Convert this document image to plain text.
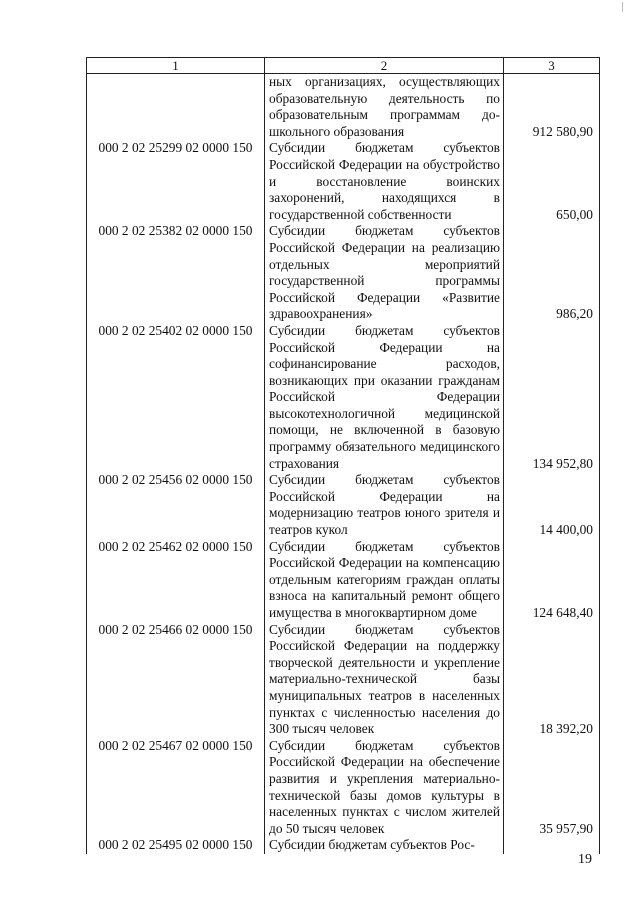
1	2	3
	ных организациях, осуществляющих образовательную деятельность по образовательным программам до-школьного образования	912 580,90
000 2 02 25299 02 0000 150	Субсидии бюджетам субъектов Российской Федерации на обустройство и восстановление воинских захоронений, находящихся в государственной собственности	650,00
000 2 02 25382 02 0000 150	Субсидии бюджетам субъектов Российской Федерации на реализацию отдельных мероприятий государственной программы Российской Федерации «Развитие здравоохранения»	986,20
000 2 02 25402 02 0000 150	Субсидии бюджетам субъектов Российской Федерации на софинансирование расходов, возникающих при оказании гражданам Российской Федерации высокотехнологичной медицинской помощи, не включенной в базовую программу обязательного медицинского страхования	134 952,80
000 2 02 25456 02 0000 150	Субсидии бюджетам субъектов Российской Федерации на модернизацию театров юного зрителя и театров кукол	14 400,00
000 2 02 25462 02 0000 150	Субсидии бюджетам субъектов Российской Федерации на компенсацию отдельным категориям граждан оплаты взноса на капитальный ремонт общего имущества в многоквартирном доме	124 648,40
000 2 02 25466 02 0000 150	Субсидии бюджетам субъектов Российской Федерации на поддержку творческой деятельности и укрепление материально-технической базы муниципальных театров в населенных пунктах с численностью населения до 300 тысяч человек	18 392,20
000 2 02 25467 02 0000 150	Субсидии бюджетам субъектов Российской Федерации на обеспечение развития и укрепления материально-технической базы домов культуры в населенных пунктах с числом жителей до 50 тысяч человек	35 957,90
000 2 02 25495 02 0000 150	Субсидии бюджетам субъектов Рос-	
19
